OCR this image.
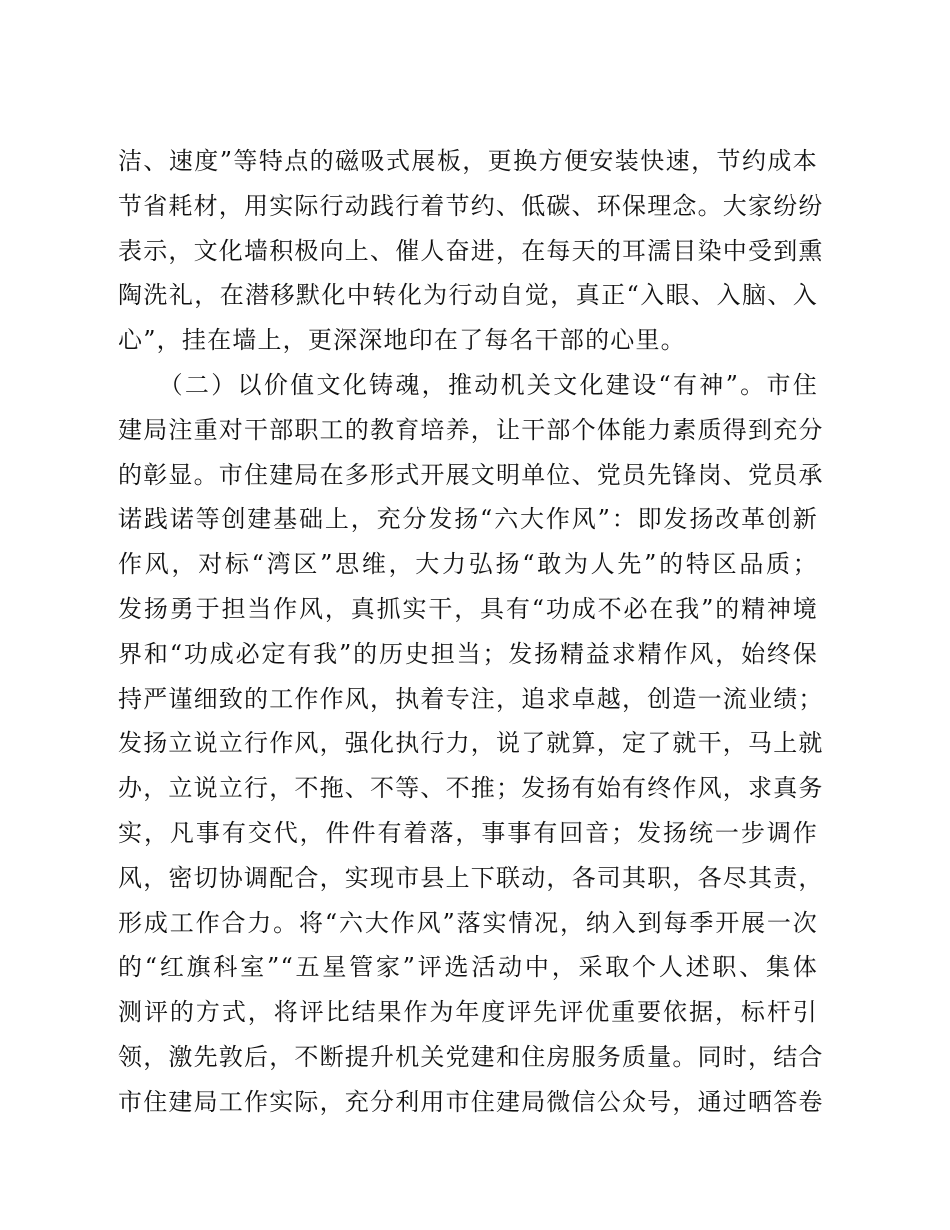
洁、速度”等特点的磁吸式展板，更换方便安装快速，节约成本
节省耗材，用实际行动践行着节约、低碳、环保理念。大家纷纷
表示，文化墙积极向上、催人奋进，在每天的耳濡目染中受到熏
陶洗礼，在潜移默化中转化为行动自觉，真正“入眼、入脑、入
心”，挂在墙上，更深深地印在了每名干部的心里。
　　（二）以价值文化铸魂，推动机关文化建设“有神”。市住
建局注重对干部职工的教育培养，让干部个体能力素质得到充分
的彰显。市住建局在多形式开展文明单位、党员先锋岗、党员承
诺践诺等创建基础上，充分发扬“六大作风”：即发扬改革创新
作风，对标“湾区”思维，大力弘扬“敢为人先”的特区品质；
发扬勇于担当作风，真抓实干，具有“功成不必在我”的精神境
界和“功成必定有我”的历史担当；发扬精益求精作风，始终保
持严谨细致的工作作风，执着专注，追求卓越，创造一流业绩；
发扬立说立行作风，强化执行力，说了就算，定了就干，马上就
办，立说立行，不拖、不等、不推；发扬有始有终作风，求真务
实，凡事有交代，件件有着落，事事有回音；发扬统一步调作
风，密切协调配合，实现市县上下联动，各司其职，各尽其责，
形成工作合力。将“六大作风”落实情况，纳入到每季开展一次
的“红旗科室”“五星管家”评选活动中，采取个人述职、集体
测评的方式，将评比结果作为年度评先评优重要依据，标杆引
领，激先敦后，不断提升机关党建和住房服务质量。同时，结合
市住建局工作实际，充分利用市住建局微信公众号，通过晒答卷
